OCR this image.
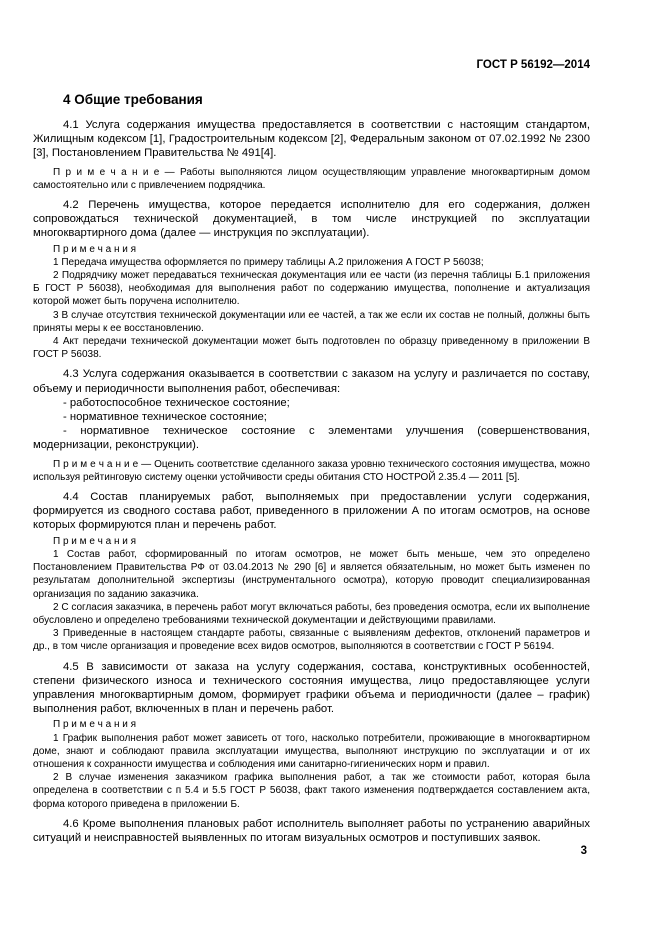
ГОСТ Р 56192—2014
4 Общие требования

4.1 Услуга содержания имущества предоставляется в соответствии с настоящим стандартом, Жилищным кодексом [1], Градостроительным кодексом [2], Федеральным законом от 07.02.1992 № 2300 [3], Постановлением Правительства № 491[4].

П р и м е ч а н и е — Работы выполняются лицом осуществляющим управление многоквартирным домом самостоятельно или с привлечением подрядчика.

4.2 Перечень имущества, которое передается исполнителю для его содержания, должен сопровождаться технической документацией, в том числе инструкцией по эксплуатации многоквартирного дома (далее — инструкция по эксплуатации).

П р и м е ч а н и я

1 Передача имущества оформляется по примеру таблицы А.2 приложения А ГОСТ Р 56038;

2 Подрядчику может передаваться техническая документация или ее части (из перечня таблицы Б.1 приложения Б ГОСТ Р 56038), необходимая для выполнения работ по содержанию имущества, пополнение и актуализация которой может быть поручена исполнителю.

3 В случае отсутствия технической документации или ее частей, а так же если их состав не полный, должны быть приняты меры к ее восстановлению.

4 Акт передачи технической документации может быть подготовлен по образцу приведенному в приложении В ГОСТ Р 56038.

4.3 Услуга содержания оказывается в соответствии с заказом на услугу и различается по составу, объему и периодичности выполнения работ, обеспечивая:

- работоспособное техническое состояние;

- нормативное техническое состояние;

- нормативное техническое состояние с элементами улучшения (совершенствования, модернизации, реконструкции).

П р и м е ч а н и е — Оценить соответствие сделанного заказа уровню технического состояния имущества, можно используя рейтинговую систему оценки устойчивости среды обитания СТО НОСТРОЙ 2.35.4 — 2011 [5].

4.4 Состав планируемых работ, выполняемых при предоставлении услуги содержания, формируется из сводного состава работ, приведенного в приложении А по итогам осмотров, на основе которых формируются план и перечень работ.

П р и м е ч а н и я

1 Состав работ, сформированный по итогам осмотров, не может быть меньше, чем это определено Постановлением Правительства РФ от 03.04.2013 № 290 [6] и является обязательным, но может быть изменен по результатам дополнительной экспертизы (инструментального осмотра), которую проводит специализированная организация по заданию заказчика.

2 С согласия заказчика, в перечень работ могут включаться работы, без проведения осмотра, если их выполнение обусловлено и определено требованиями технической документации и действующими правилами.

3 Приведенные в настоящем стандарте работы, связанные с выявлениям дефектов, отклонений параметров и др., в том числе организация и проведение всех видов осмотров, выполняются в соответствии с ГОСТ Р 56194.

4.5 В зависимости от заказа на услугу содержания, состава, конструктивных особенностей, степени физического износа и технического состояния имущества, лицо предоставляющее услуги управления многоквартирным домом, формирует графики объема и периодичности (далее – график) выполнения работ, включенных в план и перечень работ.

П р и м е ч а н и я

1 График выполнения работ может зависеть от того, насколько потребители, проживающие в многоквартирном доме, знают и соблюдают правила эксплуатации имущества, выполняют инструкцию по эксплуатации и от их отношения к сохранности имущества и соблюдения ими санитарно-гигиенических норм и правил.

2 В случае изменения заказчиком графика выполнения работ, а так же стоимости работ, которая была определена в соответствии с п 5.4 и 5.5 ГОСТ Р 56038, факт такого изменения подтверждается составлением акта, форма которого приведена в приложении Б.

4.6 Кроме выполнения плановых работ исполнитель выполняет работы по устранению аварийных ситуаций и неисправностей выявленных по итогам визуальных осмотров и поступивших заявок.

3
